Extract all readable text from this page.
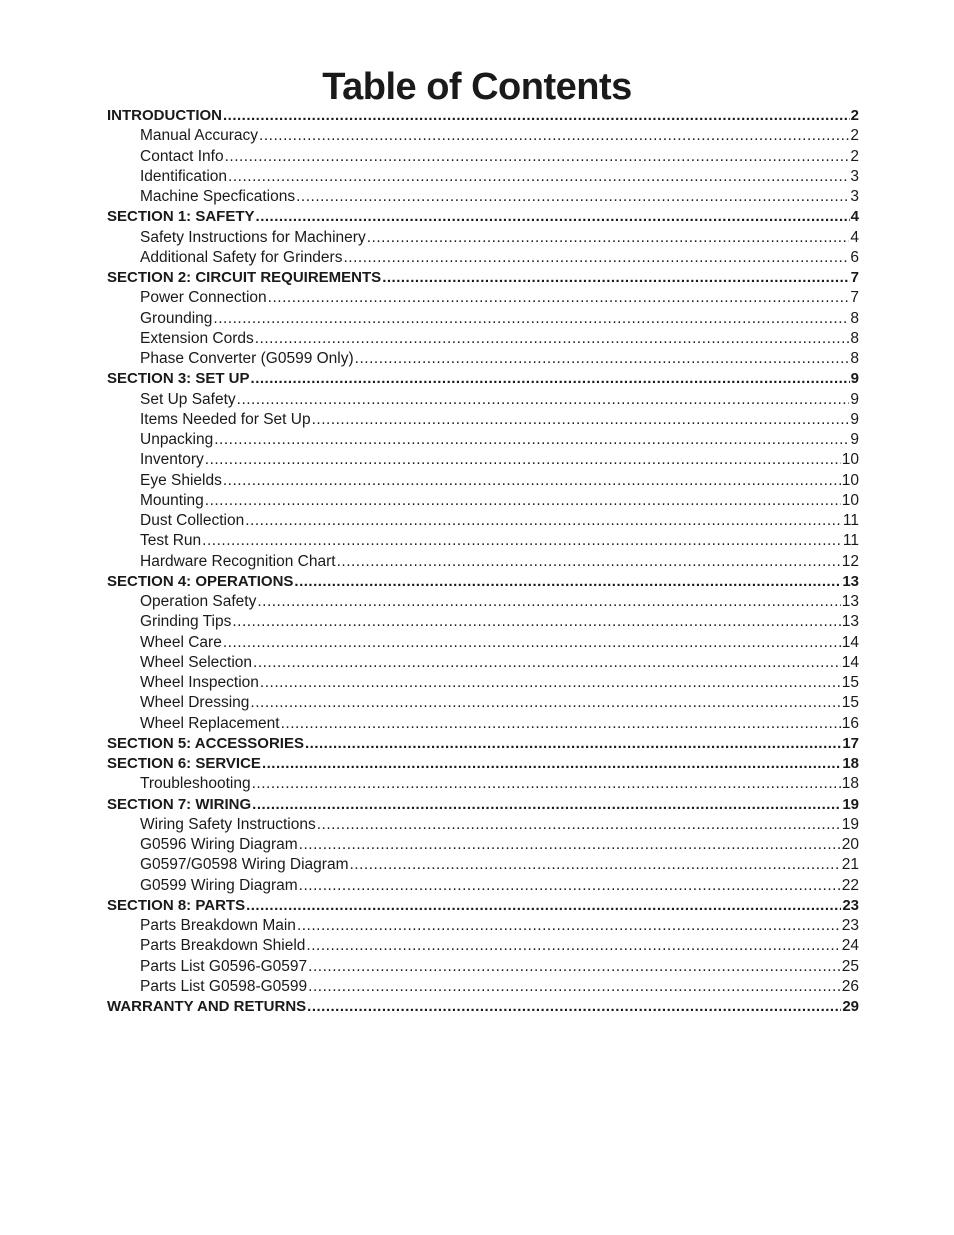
Table of Contents
INTRODUCTION .....	2
Manual Accuracy .....	2
Contact Info .....	2
Identification .....	3
Machine Specfications .....	3
SECTION 1: SAFETY .....	4
Safety Instructions for Machinery .....	4
Additional Safety for Grinders .....	6
SECTION 2: CIRCUIT REQUIREMENTS .....	7
Power Connection .....	7
Grounding .....	8
Extension Cords .....	8
Phase Converter (G0599 Only) .....	8
SECTION 3: SET UP .....	9
Set Up Safety .....	9
Items Needed for Set Up .....	9
Unpacking .....	9
Inventory .....	10
Eye Shields .....	10
Mounting .....	10
Dust Collection .....	11
Test Run .....	11
Hardware Recognition Chart .....	12
SECTION 4: OPERATIONS .....	13
Operation Safety .....	13
Grinding Tips .....	13
Wheel Care .....	14
Wheel Selection .....	14
Wheel Inspection .....	15
Wheel Dressing .....	15
Wheel Replacement .....	16
SECTION 5: ACCESSORIES .....	17
SECTION 6: SERVICE .....	18
Troubleshooting .....	18
SECTION 7: WIRING .....	19
Wiring Safety Instructions .....	19
G0596 Wiring Diagram .....	20
G0597/G0598 Wiring Diagram .....	21
G0599 Wiring Diagram .....	22
SECTION 8: PARTS .....	23
Parts Breakdown Main .....	23
Parts Breakdown Shield .....	24
Parts List G0596-G0597 .....	25
Parts List G0598-G0599 .....	26
WARRANTY AND RETURNS .....	29
